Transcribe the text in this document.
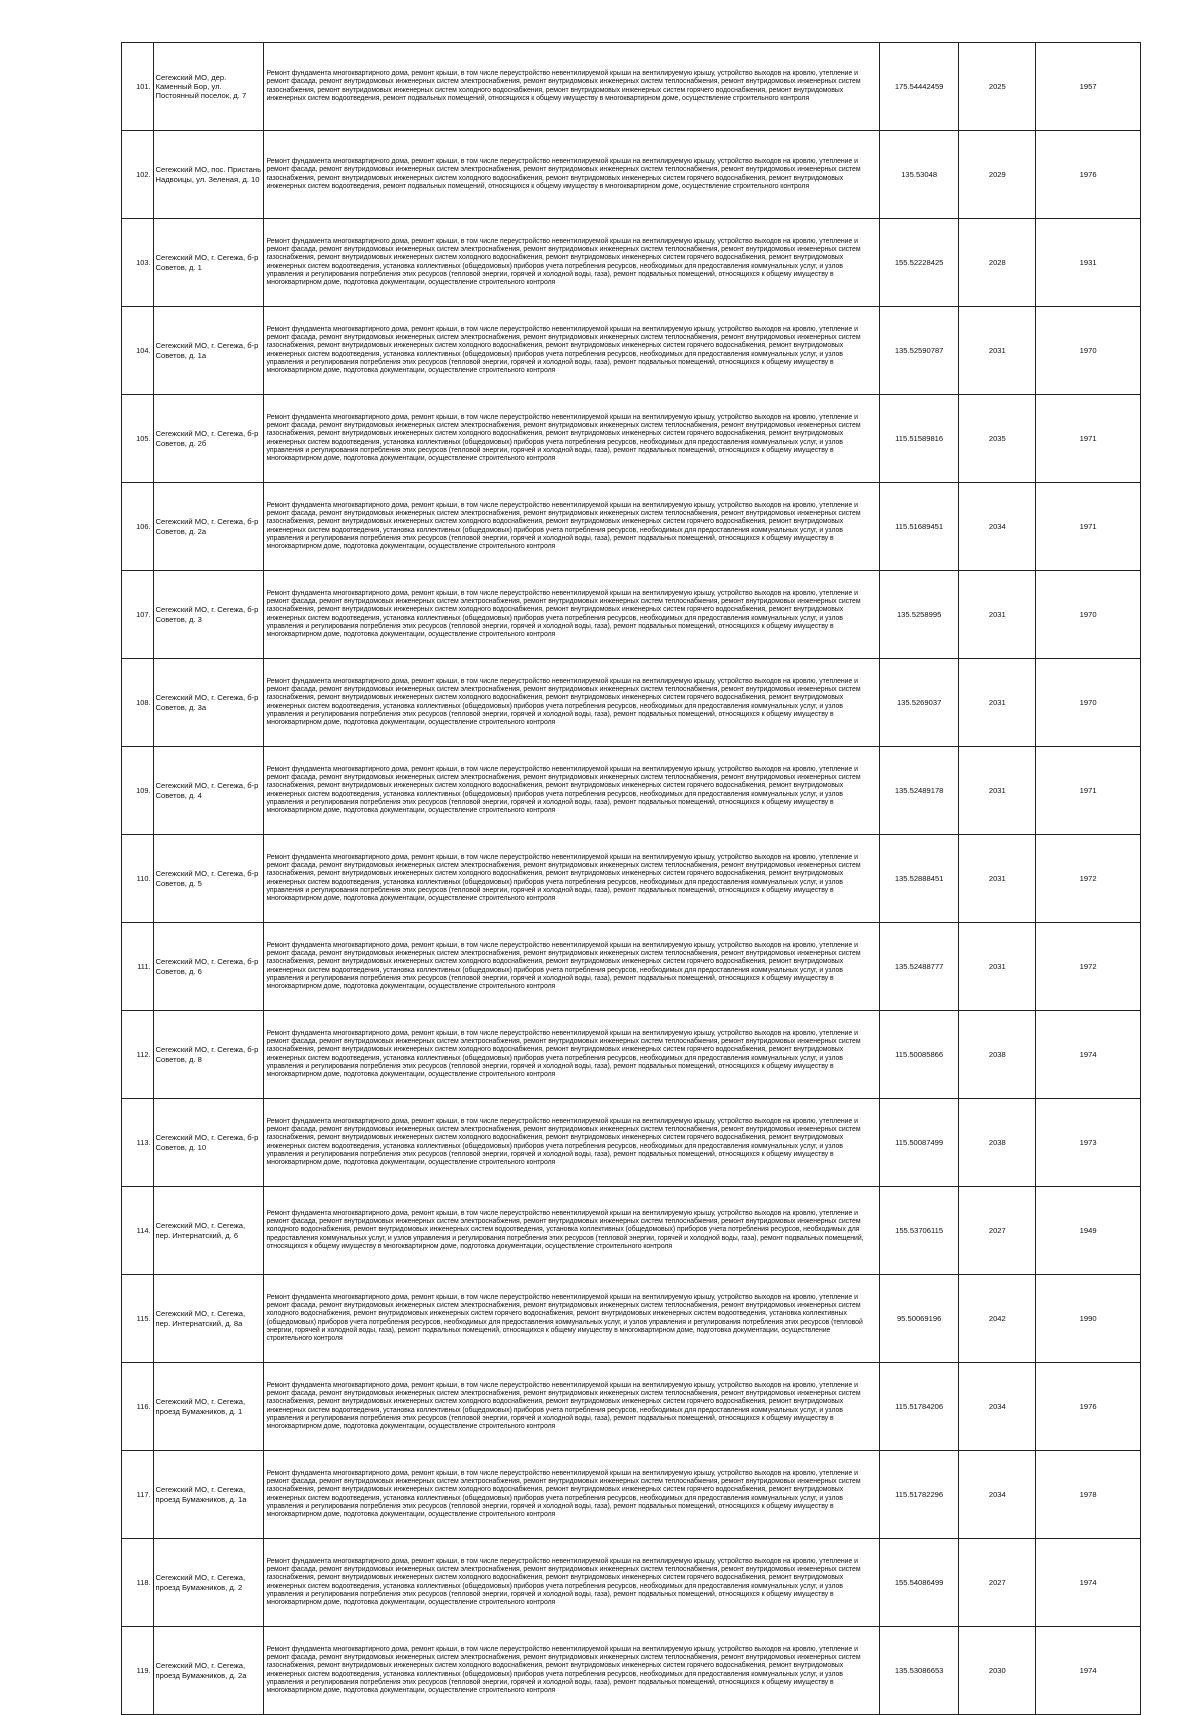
101.	Сегежский МО, дер. Каменный Бор, ул. Постоянный поселок, д. 7	Ремонт фундамента многоквартирного дома, ремонт крыши, в том числе переустройство невентилируемой крыши на вентилируемую крышу, устройство выходов на кровлю, утепление и ремонт фасада, ремонт внутридомовых инженерных систем электроснабжения, ремонт внутридомовых инженерных систем теплоснабжения, ремонт внутридомовых инженерных систем газоснабжения, ремонт внутридомовых инженерных систем холодного водоснабжения, ремонт внутридомовых инженерных систем горячего водоснабжения, ремонт внутридомовых инженерных систем водоотведения, ремонт подвальных помещений, относящихся к общему имуществу в многоквартирном доме, осуществление строительного контроля	175.54442459	2025	1957
102.	Сегежский МО, пос. Пристань Надвоицы, ул. Зеленая, д. 10	Ремонт фундамента многоквартирного дома, ремонт крыши, в том числе переустройство невентилируемой крыши на вентилируемую крышу, устройство выходов на кровлю, утепление и ремонт фасада, ремонт внутридомовых инженерных систем электроснабжения, ремонт внутридомовых инженерных систем теплоснабжения, ремонт внутридомовых инженерных систем газоснабжения, ремонт внутридомовых инженерных систем холодного водоснабжения, ремонт внутридомовых инженерных систем горячего водоснабжения, ремонт внутридомовых инженерных систем водоотведения, ремонт подвальных помещений, относящихся к общему имуществу в многоквартирном доме, осуществление строительного контроля	135.53048	2029	1976
103.	Сегежский МО, г. Сегежа, б-р Советов, д. 1	Ремонт фундамента многоквартирного дома, ремонт крыши, в том числе переустройство невентилируемой крыши на вентилируемую крышу, устройство выходов на кровлю, утепление и ремонт фасада, ремонт внутридомовых инженерных систем электроснабжения, ремонт внутридомовых инженерных систем теплоснабжения, ремонт внутридомовых инженерных систем газоснабжения, ремонт внутридомовых инженерных систем холодного водоснабжения, ремонт внутридомовых инженерных систем горячего водоснабжения, ремонт внутридомовых инженерных систем водоотведения, установка коллективных (общедомовых) приборов учета потребления ресурсов, необходимых для предоставления коммунальных услуг, и узлов управления и регулирования потребления этих ресурсов (тепловой энергии, горячей и холодной воды, газа), ремонт подвальных помещений, относящихся к общему имуществу в многоквартирном доме, подготовка документации, осуществление строительного контроля	155.52228425	2028	1931
104.	Сегежский МО, г. Сегежа, б-р Советов, д. 1а	Ремонт фундамента многоквартирного дома, ремонт крыши, в том числе переустройство невентилируемой крыши на вентилируемую крышу, устройство выходов на кровлю, утепление и ремонт фасада, ремонт внутридомовых инженерных систем электроснабжения, ремонт внутридомовых инженерных систем теплоснабжения, ремонт внутридомовых инженерных систем газоснабжения, ремонт внутридомовых инженерных систем холодного водоснабжения, ремонт внутридомовых инженерных систем горячего водоснабжения, ремонт внутридомовых инженерных систем водоотведения, установка коллективных (общедомовых) приборов учета потребления ресурсов, необходимых для предоставления коммунальных услуг, и узлов управления и регулирования потребления этих ресурсов (тепловой энергии, горячей и холодной воды, газа), ремонт подвальных помещений, относящихся к общему имуществу в многоквартирном доме, подготовка документации, осуществление строительного контроля	135.52590787	2031	1970
105.	Сегежский МО, г. Сегежа, б-р Советов, д. 2б	Ремонт фундамента многоквартирного дома, ремонт крыши, в том числе переустройство невентилируемой крыши на вентилируемую крышу, устройство выходов на кровлю, утепление и ремонт фасада, ремонт внутридомовых инженерных систем электроснабжения, ремонт внутридомовых инженерных систем теплоснабжения, ремонт внутридомовых инженерных систем газоснабжения, ремонт внутридомовых инженерных систем холодного водоснабжения, ремонт внутридомовых инженерных систем горячего водоснабжения, ремонт внутридомовых инженерных систем водоотведения, установка коллективных (общедомовых) приборов учета потребления ресурсов, необходимых для предоставления коммунальных услуг, и узлов управления и регулирования потребления этих ресурсов (тепловой энергии, горячей и холодной воды, газа), ремонт подвальных помещений, относящихся к общему имуществу в многоквартирном доме, подготовка документации, осуществление строительного контроля	115.51589816	2035	1971
106.	Сегежский МО, г. Сегежа, б-р Советов, д. 2а	Ремонт фундамента многоквартирного дома, ремонт крыши, в том числе переустройство невентилируемой крыши на вентилируемую крышу, устройство выходов на кровлю, утепление и ремонт фасада, ремонт внутридомовых инженерных систем электроснабжения, ремонт внутридомовых инженерных систем теплоснабжения, ремонт внутридомовых инженерных систем газоснабжения, ремонт внутридомовых инженерных систем холодного водоснабжения, ремонт внутридомовых инженерных систем горячего водоснабжения, ремонт внутридомовых инженерных систем водоотведения, установка коллективных (общедомовых) приборов учета потребления ресурсов, необходимых для предоставления коммунальных услуг, и узлов управления и регулирования потребления этих ресурсов (тепловой энергии, горячей и холодной воды, газа), ремонт подвальных помещений, относящихся к общему имуществу в многоквартирном доме, подготовка документации, осуществление строительного контроля	115.51689451	2034	1971
107.	Сегежский МО, г. Сегежа, б-р Советов, д. 3	Ремонт фундамента многоквартирного дома, ремонт крыши, в том числе переустройство невентилируемой крыши на вентилируемую крышу, устройство выходов на кровлю, утепление и ремонт фасада, ремонт внутридомовых инженерных систем электроснабжения, ремонт внутридомовых инженерных систем теплоснабжения, ремонт внутридомовых инженерных систем газоснабжения, ремонт внутридомовых инженерных систем холодного водоснабжения, ремонт внутридомовых инженерных систем горячего водоснабжения, ремонт внутридомовых инженерных систем водоотведения, установка коллективных (общедомовых) приборов учета потребления ресурсов, необходимых для предоставления коммунальных услуг, и узлов управления и регулирования потребления этих ресурсов (тепловой энергии, горячей и холодной воды, газа), ремонт подвальных помещений, относящихся к общему имуществу в многоквартирном доме, подготовка документации, осуществление строительного контроля	135.5258995	2031	1970
108.	Сегежский МО, г. Сегежа, б-р Советов, д. 3а	Ремонт фундамента многоквартирного дома, ремонт крыши, в том числе переустройство невентилируемой крыши на вентилируемую крышу, устройство выходов на кровлю, утепление и ремонт фасада, ремонт внутридомовых инженерных систем электроснабжения, ремонт внутридомовых инженерных систем теплоснабжения, ремонт внутридомовых инженерных систем газоснабжения, ремонт внутридомовых инженерных систем холодного водоснабжения, ремонт внутридомовых инженерных систем горячего водоснабжения, ремонт внутридомовых инженерных систем водоотведения, установка коллективных (общедомовых) приборов учета потребления ресурсов, необходимых для предоставления коммунальных услуг, и узлов управления и регулирования потребления этих ресурсов (тепловой энергии, горячей и холодной воды, газа), ремонт подвальных помещений, относящихся к общему имуществу в многоквартирном доме, подготовка документации, осуществление строительного контроля	135.5269037	2031	1970
109.	Сегежский МО, г. Сегежа, б-р Советов, д. 4	Ремонт фундамента многоквартирного дома, ремонт крыши, в том числе переустройство невентилируемой крыши на вентилируемую крышу, устройство выходов на кровлю, утепление и ремонт фасада, ремонт внутридомовых инженерных систем электроснабжения, ремонт внутридомовых инженерных систем теплоснабжения, ремонт внутридомовых инженерных систем газоснабжения, ремонт внутридомовых инженерных систем холодного водоснабжения, ремонт внутридомовых инженерных систем горячего водоснабжения, ремонт внутридомовых инженерных систем водоотведения, установка коллективных (общедомовых) приборов учета потребления ресурсов, необходимых для предоставления коммунальных услуг, и узлов управления и регулирования потребления этих ресурсов (тепловой энергии, горячей и холодной воды, газа), ремонт подвальных помещений, относящихся к общему имуществу в многоквартирном доме, подготовка документации, осуществление строительного контроля	135.52489178	2031	1971
110.	Сегежский МО, г. Сегежа, б-р Советов, д. 5	Ремонт фундамента многоквартирного дома, ремонт крыши, в том числе переустройство невентилируемой крыши на вентилируемую крышу, устройство выходов на кровлю, утепление и ремонт фасада, ремонт внутридомовых инженерных систем электроснабжения, ремонт внутридомовых инженерных систем теплоснабжения, ремонт внутридомовых инженерных систем газоснабжения, ремонт внутридомовых инженерных систем холодного водоснабжения, ремонт внутридомовых инженерных систем горячего водоснабжения, ремонт внутридомовых инженерных систем водоотведения, установка коллективных (общедомовых) приборов учета потребления ресурсов, необходимых для предоставления коммунальных услуг, и узлов управления и регулирования потребления этих ресурсов (тепловой энергии, горячей и холодной воды, газа), ремонт подвальных помещений, относящихся к общему имуществу в многоквартирном доме, подготовка документации, осуществление строительного контроля	135.52888451	2031	1972
111.	Сегежский МО, г. Сегежа, б-р Советов, д. 6	Ремонт фундамента многоквартирного дома, ремонт крыши, в том числе переустройство невентилируемой крыши на вентилируемую крышу, устройство выходов на кровлю, утепление и ремонт фасада, ремонт внутридомовых инженерных систем электроснабжения, ремонт внутридомовых инженерных систем теплоснабжения, ремонт внутридомовых инженерных систем газоснабжения, ремонт внутридомовых инженерных систем холодного водоснабжения, ремонт внутридомовых инженерных систем горячего водоснабжения, ремонт внутридомовых инженерных систем водоотведения, установка коллективных (общедомовых) приборов учета потребления ресурсов, необходимых для предоставления коммунальных услуг, и узлов управления и регулирования потребления этих ресурсов (тепловой энергии, горячей и холодной воды, газа), ремонт подвальных помещений, относящихся к общему имуществу в многоквартирном доме, подготовка документации, осуществление строительного контроля	135.52488777	2031	1972
112.	Сегежский МО, г. Сегежа, б-р Советов, д. 8	Ремонт фундамента многоквартирного дома, ремонт крыши, в том числе переустройство невентилируемой крыши на вентилируемую крышу, устройство выходов на кровлю, утепление и ремонт фасада, ремонт внутридомовых инженерных систем электроснабжения, ремонт внутридомовых инженерных систем теплоснабжения, ремонт внутридомовых инженерных систем газоснабжения, ремонт внутридомовых инженерных систем холодного водоснабжения, ремонт внутридомовых инженерных систем горячего водоснабжения, ремонт внутридомовых инженерных систем водоотведения, установка коллективных (общедомовых) приборов учета потребления ресурсов, необходимых для предоставления коммунальных услуг, и узлов управления и регулирования потребления этих ресурсов (тепловой энергии, горячей и холодной воды, газа), ремонт подвальных помещений, относящихся к общему имуществу в многоквартирном доме, подготовка документации, осуществление строительного контроля	115.50085866	2038	1974
113.	Сегежский МО, г. Сегежа, б-р Советов, д. 10	Ремонт фундамента многоквартирного дома, ремонт крыши, в том числе переустройство невентилируемой крыши на вентилируемую крышу, устройство выходов на кровлю, утепление и ремонт фасада, ремонт внутридомовых инженерных систем электроснабжения, ремонт внутридомовых инженерных систем теплоснабжения, ремонт внутридомовых инженерных систем газоснабжения, ремонт внутридомовых инженерных систем холодного водоснабжения, ремонт внутридомовых инженерных систем горячего водоснабжения, ремонт внутридомовых инженерных систем водоотведения, установка коллективных (общедомовых) приборов учета потребления ресурсов, необходимых для предоставления коммунальных услуг, и узлов управления и регулирования потребления этих ресурсов (тепловой энергии, горячей и холодной воды, газа), ремонт подвальных помещений, относящихся к общему имуществу в многоквартирном доме, подготовка документации, осуществление строительного контроля	115.50087499	2038	1973
114.	Сегежский МО, г. Сегежа, пер. Интернатский, д. 6	Ремонт фундамента многоквартирного дома, ремонт крыши, в том числе переустройство невентилируемой крыши на вентилируемую крышу, устройство выходов на кровлю, утепление и ремонт фасада, ремонт внутридомовых инженерных систем электроснабжения, ремонт внутридомовых инженерных систем теплоснабжения, ремонт внутридомовых инженерных систем холодного водоснабжения, ремонт внутридомовых инженерных систем водоотведения, установка коллективных (общедомовых) приборов учета потребления ресурсов, необходимых для предоставления коммунальных услуг, и узлов управления и регулирования потребления этих ресурсов (тепловой энергии, горячей и холодной воды, газа), ремонт подвальных помещений, относящихся к общему имуществу в многоквартирном доме, подготовка документации, осуществление строительного контроля	155.53706115	2027	1949
115.	Сегежский МО, г. Сегежа, пер. Интернатский, д. 8а	Ремонт фундамента многоквартирного дома, ремонт крыши, в том числе переустройство невентилируемой крыши на вентилируемую крышу, устройство выходов на кровлю, утепление и ремонт фасада, ремонт внутридомовых инженерных систем электроснабжения, ремонт внутридомовых инженерных систем теплоснабжения, ремонт внутридомовых инженерных систем холодного водоснабжения, ремонт внутридомовых инженерных систем горячего водоснабжения, ремонт внутридомовых инженерных систем водоотведения, установка коллективных (общедомовых) приборов учета потребления ресурсов, необходимых для предоставления коммунальных услуг, и узлов управления и регулирования потребления этих ресурсов (тепловой энергии, горячей и холодной воды, газа), ремонт подвальных помещений, относящихся к общему имуществу в многоквартирном доме, подготовка документации, осуществление строительного контроля	95.50069196	2042	1990
116.	Сегежский МО, г. Сегежа, проезд Бумажников, д. 1	Ремонт фундамента многоквартирного дома, ремонт крыши, в том числе переустройство невентилируемой крыши на вентилируемую крышу, устройство выходов на кровлю, утепление и ремонт фасада, ремонт внутридомовых инженерных систем электроснабжения, ремонт внутридомовых инженерных систем теплоснабжения, ремонт внутридомовых инженерных систем газоснабжения, ремонт внутридомовых инженерных систем холодного водоснабжения, ремонт внутридомовых инженерных систем горячего водоснабжения, ремонт внутридомовых инженерных систем водоотведения, установка коллективных (общедомовых) приборов учета потребления ресурсов, необходимых для предоставления коммунальных услуг, и узлов управления и регулирования потребления этих ресурсов (тепловой энергии, горячей и холодной воды, газа), ремонт подвальных помещений, относящихся к общему имуществу в многоквартирном доме, подготовка документации, осуществление строительного контроля	115.51784206	2034	1976
117.	Сегежский МО, г. Сегежа, проезд Бумажников, д. 1а	Ремонт фундамента многоквартирного дома, ремонт крыши, в том числе переустройство невентилируемой крыши на вентилируемую крышу, устройство выходов на кровлю, утепление и ремонт фасада, ремонт внутридомовых инженерных систем электроснабжения, ремонт внутридомовых инженерных систем теплоснабжения, ремонт внутридомовых инженерных систем газоснабжения, ремонт внутридомовых инженерных систем холодного водоснабжения, ремонт внутридомовых инженерных систем горячего водоснабжения, ремонт внутридомовых инженерных систем водоотведения, установка коллективных (общедомовых) приборов учета потребления ресурсов, необходимых для предоставления коммунальных услуг, и узлов управления и регулирования потребления этих ресурсов (тепловой энергии, горячей и холодной воды, газа), ремонт подвальных помещений, относящихся к общему имуществу в многоквартирном доме, подготовка документации, осуществление строительного контроля	115.51782296	2034	1978
118.	Сегежский МО, г. Сегежа, проезд Бумажников, д. 2	Ремонт фундамента многоквартирного дома, ремонт крыши, в том числе переустройство невентилируемой крыши на вентилируемую крышу, устройство выходов на кровлю, утепление и ремонт фасада, ремонт внутридомовых инженерных систем электроснабжения, ремонт внутридомовых инженерных систем теплоснабжения, ремонт внутридомовых инженерных систем газоснабжения, ремонт внутридомовых инженерных систем холодного водоснабжения, ремонт внутридомовых инженерных систем горячего водоснабжения, ремонт внутридомовых инженерных систем водоотведения, установка коллективных (общедомовых) приборов учета потребления ресурсов, необходимых для предоставления коммунальных услуг, и узлов управления и регулирования потребления этих ресурсов (тепловой энергии, горячей и холодной воды, газа), ремонт подвальных помещений, относящихся к общему имуществу в многоквартирном доме, подготовка документации, осуществление строительного контроля	155.54086499	2027	1974
119.	Сегежский МО, г. Сегежа, проезд Бумажников, д. 2а	Ремонт фундамента многоквартирного дома, ремонт крыши, в том числе переустройство невентилируемой крыши на вентилируемую крышу, устройство выходов на кровлю, утепление и ремонт фасада, ремонт внутридомовых инженерных систем электроснабжения, ремонт внутридомовых инженерных систем теплоснабжения, ремонт внутридомовых инженерных систем газоснабжения, ремонт внутридомовых инженерных систем холодного водоснабжения, ремонт внутридомовых инженерных систем горячего водоснабжения, ремонт внутридомовых инженерных систем водоотведения, установка коллективных (общедомовых) приборов учета потребления ресурсов, необходимых для предоставления коммунальных услуг, и узлов управления и регулирования потребления этих ресурсов (тепловой энергии, горячей и холодной воды, газа), ремонт подвальных помещений, относящихся к общему имуществу в многоквартирном доме, подготовка документации, осуществление строительного контроля	135.53086653	2030	1974
